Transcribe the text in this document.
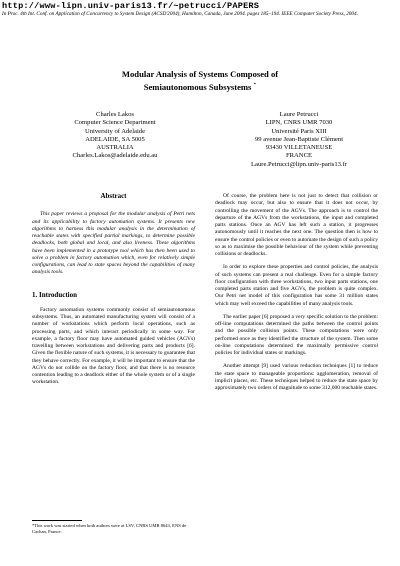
http://www-lipn.univ-paris13.fr/~petrucci/PAPERS
In Proc. 4th Int. Conf. on Application of Concurrency to System Design (ACSD'2004), Hamilton, Canada, June 2004. pages 185–194. IEEE Computer Society Press, 2004.
Modular Analysis of Systems Composed of
Semiautonomous Subsystems *
Charles Lakos
Computer Science Department
University of Adelaide
ADELAIDE, SA 5005
AUSTRALIA
Charles.Lakos@adelaide.edu.au
Laure Petrucci
LIPN, CNRS UMR 7030
Université Paris XIII
99 avenue Jean-Baptiste Clément
93430 VILLETANEUSE
FRANCE
Laure.Petrucci@lipn.univ-paris13.fr
Abstract

This paper reviews a proposal for the modular analysis of Petri nets and its applicability to factory automation systems. It presents new algorithms to harness this modular analysis in the determination of reachable states with specified partial markings, to determine possible deadlocks, both global and local, and also liveness. These algorithms have been implemented in a prototype tool which has then been used to solve a problem in factory automation which, even for relatively simple configurations, can lead to state spaces beyond the capabilities of many analysis tools.

1. Introduction

Factory automation systems commonly consist of semiautonomous subsystems. Thus, an automated manufacturing system will consist of a number of workstations which perform local operations, such as processing parts, and which interact periodically in some way. For example, a factory floor may have automated guided vehicles (AGVs) travelling between workstations and delivering parts and products [6]. Given the flexible nature of such systems, it is necessary to guarantee that they behave correctly. For example, it will be important to ensure that the AGVs do not collide on the factory floor, and that there is no resource contention leading to a deadlock either of the whole system or of a single workstation.

*This work was started when both authors were at LSV, CNRS UMR 8643, ENS de Cachan, France.

Of course, the problem here is not just to detect that collision or deadlock may occur, but also to ensure that it does not occur, by controlling the movement of the AGVs. The approach is to control the departure of the AGVs from the workstations, the input and completed parts stations. Once an AGV has left such a station, it progresses autonomously until it reaches the next one. The question then is how to ensure the control policies or even to automate the design of such a policy so as to maximise the possible behaviour of the system while preventing collisions or deadlocks.

In order to explore these properties and control policies, the analysis of such systems can present a real challenge. Even for a simple factory floor configuration with three workstations, two input parts stations, one completed parts station and five AGVs, the problem is quite complex. Our Petri net model of this configuration has some 31 million states which may well exceed the capabilities of many analysis tools.

The earlier paper [6] proposed a very specific solution to the problem: off-line computations determined the paths between the control points and the possible collision points. These computations were only performed once as they identified the structure of the system. Then some on-line computations determined the maximally permissive control policies for individual states or markings.

Another attempt [9] used various reduction techniques [1] to reduce the state space to manageable proportions: agglomeration, removal of implicit places, etc. These techniques helped to reduce the state space by approximately two orders of magnitude to some 312,000 reachable states.
